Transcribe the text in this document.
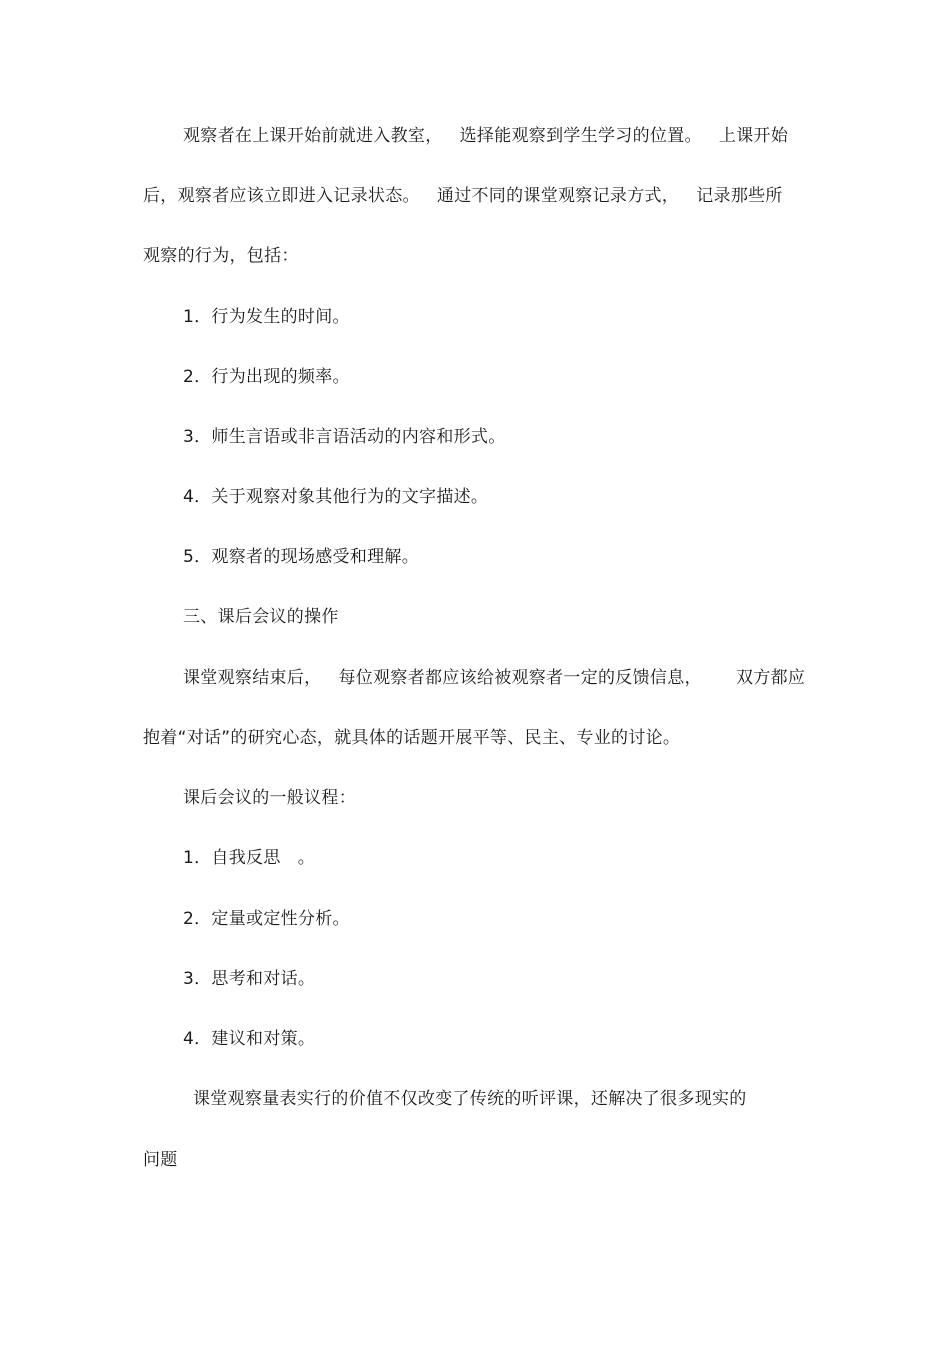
观察者在上课开始前就进入教室，   选择能观察到学生学习的位置。   上课开始
后，观察者应该立即进入记录状态。   通过不同的课堂观察记录方式，   记录那些所
观察的行为，包括：
1．行为发生的时间。
2．行为出现的频率。
3．师生言语或非言语活动的内容和形式。
4．关于观察对象其他行为的文字描述。
5．观察者的现场感受和理解。
三、课后会议的操作
课堂观察结束后，   每位观察者都应该给被观察者一定的反馈信息，      双方都应
抱着“对话”的研究心态，就具体的话题开展平等、民主、专业的讨论。
课后会议的一般议程：
1．自我反思   。
2．定量或定性分析。
3．思考和对话。
4．建议和对策。
课堂观察量表实行的价值不仅改变了传统的听评课，还解决了很多现实的
问题
